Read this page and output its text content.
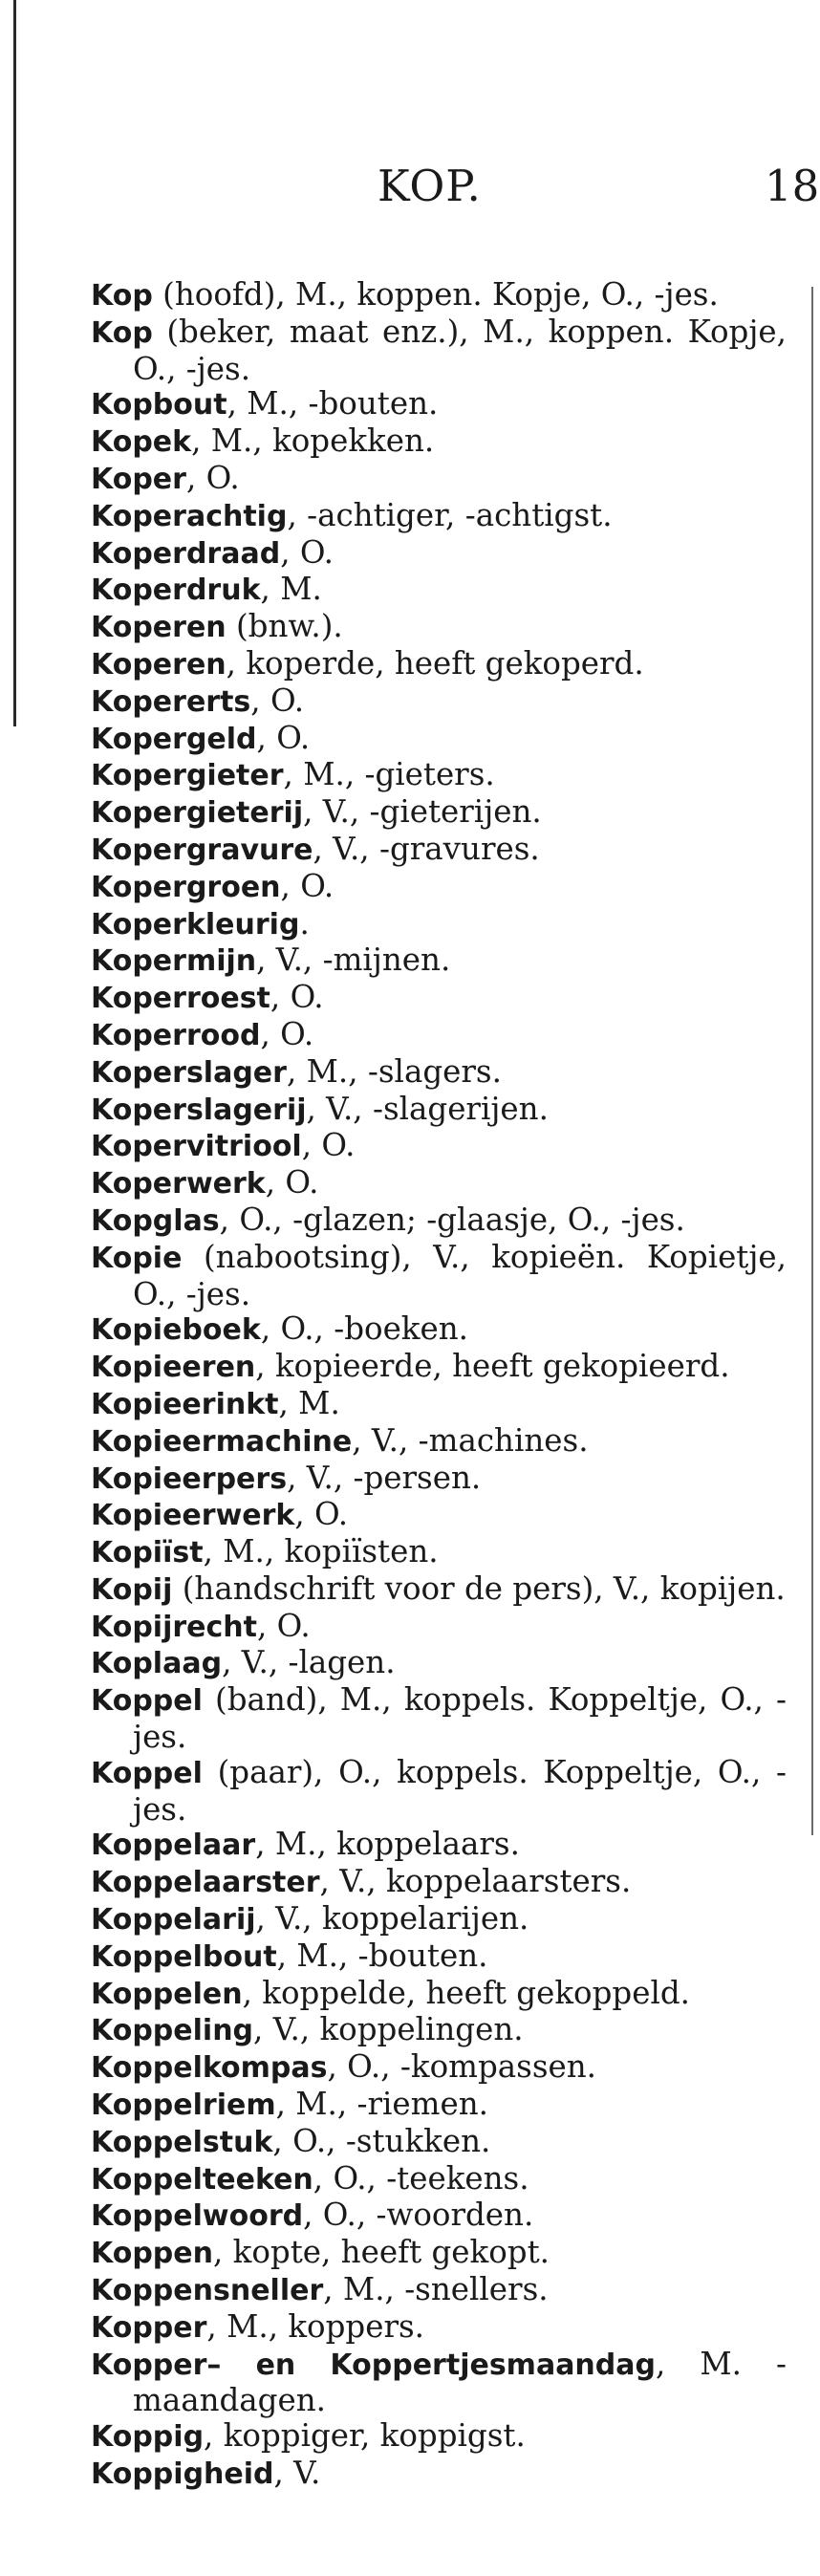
KOP.	18
Kop (hoofd), M., koppen. Kopje, O., -jes.
Kop (beker, maat enz.), M., koppen. Kopje, O., -jes.
Kopbout, M., -bouten.
Kopek, M., kopekken.
Koper, O.
Koperachtig, -achtiger, -achtigst.
Koperdraad, O.
Koperdruk, M.
Koperen (bnw.).
Koperen, koperde, heeft gekoperd.
Kopererts, O.
Kopergeld, O.
Kopergieter, M., -gieters.
Kopergieterij, V., -gieterijen.
Kopergravure, V., -gravures.
Kopergroen, O.
Koperkleurig.
Kopermijn, V., -mijnen.
Koperroest, O.
Koperrood, O.
Koperslager, M., -slagers.
Koperslagerij, V., -slagerijen.
Kopervitriool, O.
Koperwerk, O.
Kopglas, O., -glazen; -glaasje, O., -jes.
Kopie (nabootsing), V., kopieën. Kopietje, O., -jes.
Kopieboek, O., -boeken.
Kopieeren, kopieerde, heeft gekopieerd.
Kopieerinkt, M.
Kopieermachine, V., -machines.
Kopieerpers, V., -persen.
Kopieerwerk, O.
Kopiïst, M., kopiïsten.
Kopij (handschrift voor de pers), V., kopijen.
Kopijrecht, O.
Koplaag, V., -lagen.
Koppel (band), M., koppels. Koppeltje, O., -jes.
Koppel (paar), O., koppels. Koppeltje, O., -jes.
Koppelaar, M., koppelaars.
Koppelaarster, V., koppelaarsters.
Koppelarij, V., koppelarijen.
Koppelbout, M., -bouten.
Koppelen, koppelde, heeft gekoppeld.
Koppeling, V., koppelingen.
Koppelkompas, O., -kompassen.
Koppelriem, M., -riemen.
Koppelstuk, O., -stukken.
Koppelteeken, O., -teekens.
Koppelwoord, O., -woorden.
Koppen, kopte, heeft gekopt.
Koppensneller, M., -snellers.
Kopper, M., koppers.
Kopper– en Koppertjesmaandag, M. -maandagen.
Koppig, koppiger, koppigst.
Koppigheid, V.
